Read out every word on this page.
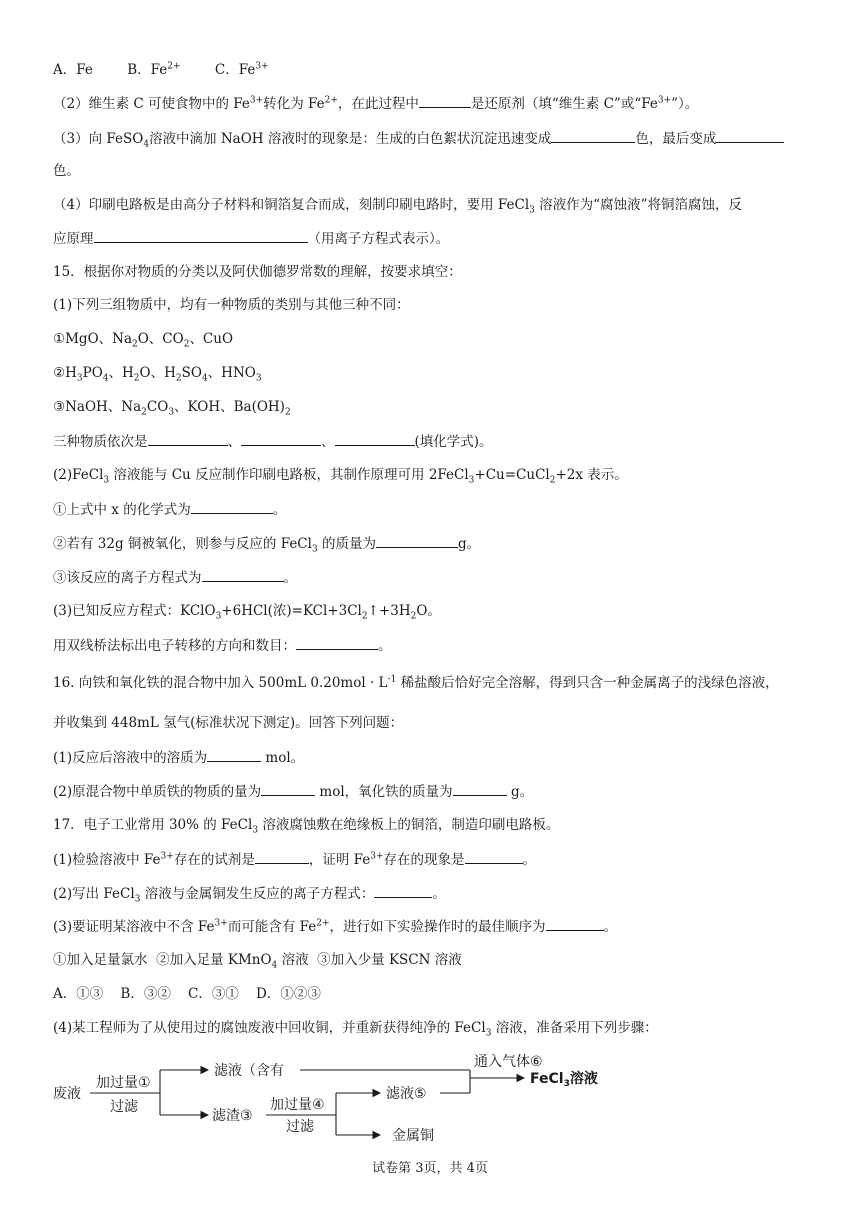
A．Fe	B．$Fe^{2+}$	C．$Fe^{3+}$
（2）维生素 C 可使食物中的 $Fe^{3+}$转化为 $Fe^{2+}$，在此过程中	是还原剂（填“维生素 C”或“$Fe^{3+}$”）。
（3）向 FeSO$_4$溶液中滴加 NaOH 溶液时的现象是：生成的白色絮状沉淀迅速变成	色，最后变成
色。
（4）印刷电路板是由高分子材料和铜箔复合而成，刻制印刷电路时，要用 FeCl$_3$ 溶液作为“腐蚀液”将铜箔腐蚀，反
应原理	（用离子方程式表示）。
15．根据你对物质的分类以及阿伏伽德罗常数的理解，按要求填空：
(1)下列三组物质中，均有一种物质的类别与其他三种不同：
①MgO、$Na_2O$、$CO_2$、CuO
$②H_3PO_4$、$H_2O$、$H_2SO_4$、$HNO_3$
③NaOH、$Na_2CO_3$、KOH、$Ba(OH)_2$
三种物质依次是	、	、	(填化学式)。
(2)FeCl$_3$ 溶液能与 Cu 反应制作印刷电路板，其制作原理可用 2FeCl$_3$+Cu=CuCl$_2$+2x 表示。
①上式中 x 的化学式为	。
②若有 32g 铜被氧化，则参与反应的 FeCl$_3$ 的质量为	g。
③该反应的离子方程式为	。
(3)已知反应方程式：KClO$_3$+6HCl(浓)$=KCl+3Cl_2↑+3H_2O$。
用双线桥法标出电子转移的方向和数目：	。
16. 向铁和氧化铁的混合物中加入 500mL $0.20mol \cdot L^{-1}$ 稀盐酸后恰好完全溶解，得到只含一种金属离子的浅绿色溶液，
并收集到 448mL 氢气(标准状况下测定)。回答下列问题：
(1)反应后溶液中的溶质为	mol。
(2)原混合物中单质铁的物质的量为	mol，氧化铁的质量为	g。
17．电子工业常用 30% 的 FeCl$_3$ 溶液腐蚀敷在绝缘板上的铜箔，制造印刷电路板。
(1)检验溶液中 $Fe^{3+}$存在的试剂是	，证明 $Fe^{3+}$存在的现象是	。
(2)写出 FeCl$_3$ 溶液与金属铜发生反应的离子方程式：	。
(3)要证明某溶液中不含 $Fe^{3+}$而可能含有 $Fe^{2+}$，进行如下实验操作时的最佳顺序为	。
①加入足量氯水  ②加入足量 KMnO$_4$ 溶液  ③加入少量 KSCN 溶液
A．①③    B．③②    C．③①    D．①②③
(4)某工程师为了从使用过的腐蚀废液中回收铜，并重新获得纯净的 FeCl$_3$ 溶液，准备采用下列步骤：
废液
加过量①
过滤
滤液（含有
滤渣③
加过量④
过滤
滤液⑤
通入气体⑥
FeCl$_3$溶液
金属铜
试卷第 3页，共 4页
